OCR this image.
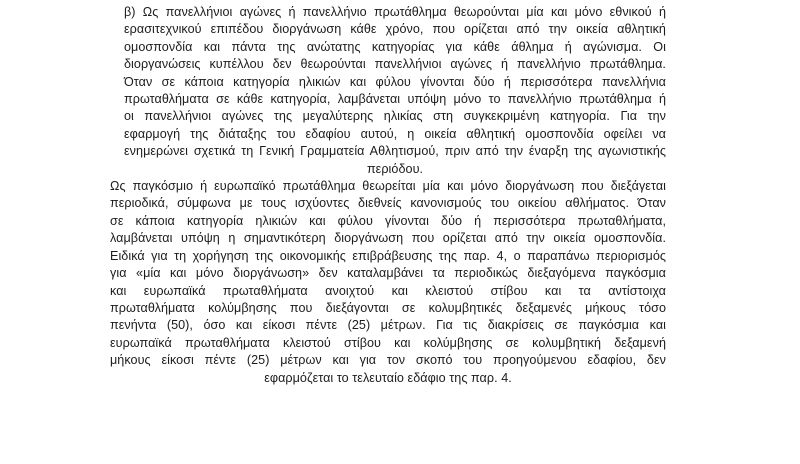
β) Ως πανελλήνιοι αγώνες ή πανελλήνιο πρωτάθλημα θεωρούνται μία και μόνο εθνικού ή
ερασιτεχνικού επιπέδου διοργάνωση κάθε χρόνο, που ορίζεται από την οικεία αθλητική
ομοσπονδία και πάντα της ανώτατης κατηγορίας για κάθε άθλημα ή αγώνισμα. Οι
διοργανώσεις κυπέλλου δεν θεωρούνται πανελλήνιοι αγώνες ή πανελλήνιο πρωτάθλημα.
Όταν σε κάποια κατηγορία ηλικιών και φύλου γίνονται δύο ή περισσότερα πανελλήνια
πρωταθλήματα σε κάθε κατηγορία, λαμβάνεται υπόψη μόνο το πανελλήνιο πρωτάθλημα ή
οι πανελλήνιοι αγώνες της μεγαλύτερης ηλικίας στη συγκεκριμένη κατηγορία. Για την
εφαρμογή της διάταξης του εδαφίου αυτού, η οικεία αθλητική ομοσπονδία οφείλει να
ενημερώνει σχετικά τη Γενική Γραμματεία Αθλητισμού, πριν από την έναρξη της αγωνιστικής
περιόδου.
Ως παγκόσμιο ή ευρωπαϊκό πρωτάθλημα θεωρείται μία και μόνο διοργάνωση που διεξάγεται
περιοδικά, σύμφωνα με τους ισχύοντες διεθνείς κανονισμούς του οικείου αθλήματος. Όταν
σε κάποια κατηγορία ηλικιών και φύλου γίνονται δύο ή περισσότερα πρωταθλήματα,
λαμβάνεται υπόψη η σημαντικότερη διοργάνωση που ορίζεται από την οικεία ομοσπονδία.
Ειδικά για τη χορήγηση της οικονομικής επιβράβευσης της παρ. 4, ο παραπάνω περιορισμός
για «μία και μόνο διοργάνωση» δεν καταλαμβάνει τα περιοδικώς διεξαγόμενα παγκόσμια
και ευρωπαϊκά πρωταθλήματα ανοιχτού και κλειστού στίβου και τα αντίστοιχα
πρωταθλήματα κολύμβησης που διεξάγονται σε κολυμβητικές δεξαμενές μήκους τόσο
πενήντα (50), όσο και είκοσι πέντε (25) μέτρων. Για τις διακρίσεις σε παγκόσμια και
ευρωπαϊκά πρωταθλήματα κλειστού στίβου και κολύμβησης σε κολυμβητική δεξαμενή
μήκους είκοσι πέντε (25) μέτρων και για τον σκοπό του προηγούμενου εδαφίου, δεν
εφαρμόζεται το τελευταίο εδάφιο της παρ. 4.
